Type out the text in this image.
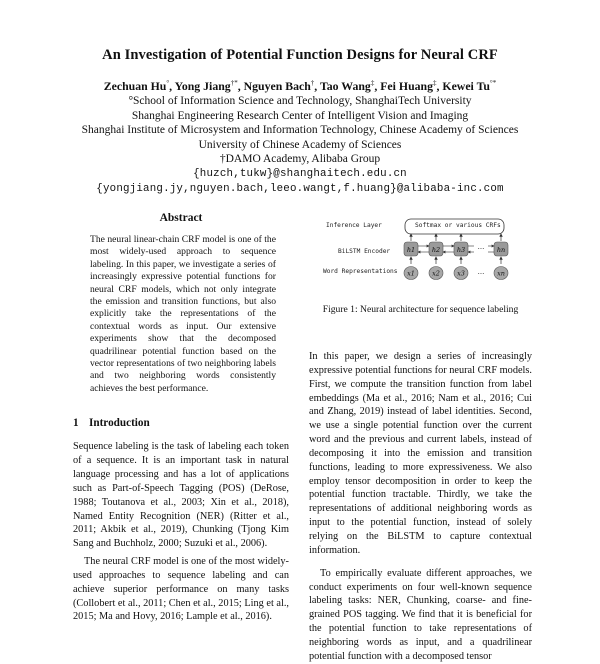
An Investigation of Potential Function Designs for Neural CRF
Zechuan Hu°, Yong Jiang†*, Nguyen Bach†, Tao Wang‡, Fei Huang‡, Kewei Tu°*
°School of Information Science and Technology, ShanghaiTech University
Shanghai Engineering Research Center of Intelligent Vision and Imaging
Shanghai Institute of Microsystem and Information Technology, Chinese Academy of Sciences
University of Chinese Academy of Sciences
†DAMO Academy, Alibaba Group
{huzch,tukw}@shanghaitech.edu.cn
{yongjiang.jy,nguyen.bach,leeo.wangt,f.huang}@alibaba-inc.com
Abstract

The neural linear-chain CRF model is one of the most widely-used approach to sequence labeling. In this paper, we investigate a series of increasingly expressive potential functions for neural CRF models, which not only integrate the emission and transition functions, but also explicitly take the representations of the contextual words as input. Our extensive experiments show that the decomposed quadrilinear potential function based on the vector representations of two neighboring labels and two neighboring words consistently achieves the best performance.

1 Introduction

Sequence labeling is the task of labeling each token of a sequence. It is an important task in natural language processing and has a lot of applications such as Part-of-Speech Tagging (POS) (DeRose, 1988; Toutanova et al., 2003; Xin et al., 2018), Named Entity Recognition (NER) (Ritter et al., 2011; Akbik et al., 2019), Chunking (Tjong Kim Sang and Buchholz, 2000; Suzuki et al., 2006).

The neural CRF model is one of the most widely-used approaches to sequence labeling and can achieve superior performance on many tasks (Collobert et al., 2011; Chen et al., 2015; Ling et al., 2015; Ma and Hovy, 2016; Lample et al., 2016).

h1	h2	h3	hn
···
x1	x2	x3	xn
···
Inference Layer	Softmax or various CRFs
BiLSTM Encoder
Word Representations
Figure 1: Neural architecture for sequence labeling

In this paper, we design a series of increasingly expressive potential functions for neural CRF models. First, we compute the transition function from label embeddings (Ma et al., 2016; Nam et al., 2016; Cui and Zhang, 2019) instead of label identities. Second, we use a single potential function over the current word and the previous and current labels, instead of decomposing it into the emission and transition functions, leading to more expressiveness. We also employ tensor decomposition in order to keep the potential function tractable. Thirdly, we take the representations of additional neighboring words as input to the potential function, instead of solely relying on the BiLSTM to capture contextual information.

To empirically evaluate different approaches, we conduct experiments on four well-known sequence labeling tasks: NER, Chunking, coarse- and fine-grained POS tagging. We find that it is beneficial for the potential function to take representations of neighboring words as input, and a quadrilinear potential function with a decomposed tensor
